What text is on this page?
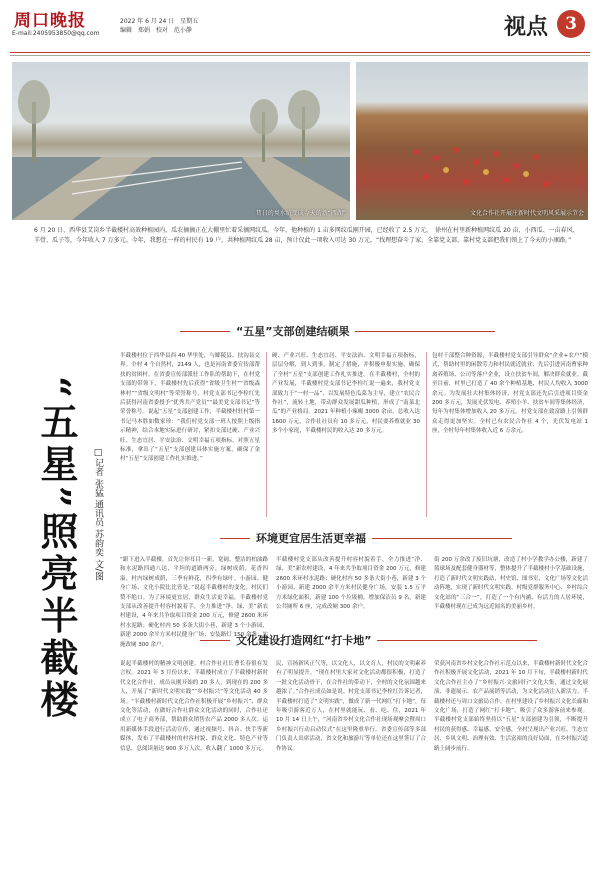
周口晚报
E-mail:2405953850@qq.com
2022 年 6 月 24 日 星期五
编辑 郑娟 校对 范小静	视点	3
昔日的臭水坑变成今天的新“西湖”	文化合作社开展庄新时代文明风采展示节会
6 月 20 日，西华县艾岗乡半截楼村高效种植园内，瓜农摘摘正在大棚里忙着采摘网纹瓜。今年，他种植的 1 亩多网纹瓜刚开园，已经收了 2.5 万元。　徐州在村里新种植网纹瓜 20 亩，小西瓜、一亩春风、羊骨、瓜子等，今年收入 7 万多元。今年，我想在一样的村民有 19 户，共种植网纹瓜 28 亩，预计仅此一项收入可达 30 万元。“找理想奋斗了家，全靠党支部，靠村党支部把我们领上了今天的小康路。”
“五星”照亮半截楼	□记者 张猛 通讯员 苏韵奕 文/图
“五星”支部创建结硕果
半截楼村位于西华县西 40 华里处，与郾陵县、扶沟县交界。全村 4 个自然村，2149 人，也是河南省委宣传部帮扶的贫困村。在省委宣传部派驻工作队的帮助下，在村党支部的带领下，半截楼村先后获得“省级卫生村”“省级森林村”“省级文明村”等荣誉称号，村党支部书记李栓红先后获得河南省委授予“优秀共产党员”“最美党支部书记”等荣誉称号。说起“五星”支部创建工作，半截楼村驻村第一书记马本胜如数家珍：“我们村党支部一班人按照上级指示精神，结合本地实际进行研讨，紧扣支部过硬、产业兴旺、生态宜居、平安法治、文明幸福五项指标，对照五星标准，拿出了“五星”支部创建具体实施方案，确保了金村“五星”支部创建工作扎实推进。”
硬、产业兴旺、生态宜居、平安法治、文明幸福五项指标，层层分解，到人到事，制定了措施，并积极申报实施，确保了全村“五星”支部创建工作扎实推进。在半截楼村，全村的产业发展，半截楼村党支部书记李栓红说一遍来，我村党支部致力于“一村一品”，以发展特色瓜菜为主导，建立“农民合作社”，流转土地，带动群众发展甜瓜种植，形成了“南菜北瓜”的产业格局。2021 年种植小辣椒 3000 余亩，总收入达 1600 万元，合作社社员有 10 多万元，村民要养殖就业 30 多个小家庭，半截楼村民的收入达 20 多万元。
包村干部整合种资源，半截楼村党支部引导群众“企业+农户”模式，帮助村里的闲散劳力和村民就近就业；先后引进河南曹家种禽养殖场、公司等落户企业，设立扶贫车间，解决群众就业。截至目前，村里已打造了 40 余个种植基地，村民人均收入 3000 余元。为发展壮大村集体经济，村党支部还先后引进项目资金 200 多万元，发展光伏发电、养殖小羊、扶贫车间等集体经济，每年为村集体增加收入 20 多万元。村党支部在致富路上引领群众走得更加坚实。全村已有农民合作社 4 个，光伏发电站 1 座，全村每年村集体收入近 6 万余元。
环境更宜居生活更幸福
“跟下进入半截楼，首先让你耳目一新，宽阔、整洁的柏油路和水泥路四通八达，平坦的道路两旁，绿树成荫，花香四溢。村内绿树成荫，三季有鲜花，四季有绿叶。小游园、健身广场、文化小院比比皆是。”说起半截楼村的变化，村民们赞不绝口。为了环境更宜居，群众生活更幸福，半截楼村党支部从改善提升村容村貌着手，全力推进“净、绿、美”新农村建设，4 年来共争取项目资金 200 万元，修建 2600 米环村水泥路；硬化村内 50 多条大街小巷，新建 3 个小游园，新建 2000 余平方米村民健身广场；安装路灯 150 余盏；实施改厕 300 余户。
半截楼村党支部从改善提升村容村貌着手，全力推进“净、绿、美”新农村建设，4 年来共争取项目资金 200 万元，修建 2600 米环村水泥路；硬化村内 50 多条大街小巷，新建 3 个小游园，新建 2000 余平方米村民健身广场，安装 1.5 万平方米绿化面积，新建 100 个垃圾桶，增加保洁员 9 名，新建公共厕所 6 座，完成改厕 300 余户。
街 200 万余改了废旧坑塘，改造了村小学教学办公楼，新建了篮球场及配套健身器材等，整体提升了半截楼村小学基础设施，打造了新时代文明实践站，村史馆、图书室、文化广场等文化活动阵地，实现了新时代文明实践、村级党群服务中心、乡村综合文化站的“三合一”，打造了一个有内涵、有活力的人居环境，半截楼村现在已成为远近闻名的美丽乡村。
文化建设打造网红“打卡地”
说起半截楼村的精神文明创建，村合作社社长曹长春很有发言权。2021 年 3 月份以来，半截楼村成立了半截楼村新时代文化合作社，成员从刚开始的 20 多人，到现在的 200 多人，开展了“新时代文明实践”“乡村振兴”等文化活动 40 多场。“半截楼村新时代文化合作社积极开展“乡村振兴”、群众文化等活动，在做好合作社群众文化活动的同时，合作社还成立了电子商务部，帮助群众销售农产品 2000 多人次。运用新媒体手段进行活动宣传，通过视频号、抖音、快手等新媒体，发布了半截楼村的村容村貌、群众文化、特色产业等信息，总阅读量达 900 多万人次，收入翻了 1000 多万元。
民，宣扬新风正气等，以文化人，以文育人，村民的文明素养有了明显提升。“现在村里大家对文化活动都很积极，打造了一批文化活动骨干，在合作社的带动下，全村的文化氛围越来越浓了。”合作社成员如是说。村党支部书记李栓红告诉记者，半截楼村打造了“文明实践”，做成了新一代网红“打卡地”，每年吸引游客近万人，在村里就能玩、看、吃、住，2021 年 10 月 14 日上午，“河南省乡村文化合作社现场观摩会暨周口乡村振兴行动启动仪式”在这里隆重举行。省委宣传部等多部门负责人出席活动，省文化和旅游厅等单位还在这里签订了合作协议。
荣获河南省乡村文化合作社示范点以来，半截楼村新时代文化合作社积极开展文化活动，2021 年 10 月下旬，半截楼村新时代文化合作社主办了“乡村振兴·文旅同行”文化大集，通过文化展演、非遗展示、农产品展销等活动，为文化活动注入新活力。半截楼村还与周口文旅局合作，在村里建设了乡村振兴文化长廊和文化广场，打造了网红“打卡地”，吸引了众多游客前来参观。半截楼村党支部始终坚持以“五星”支部创建为引领，不断提升村民的获得感、幸福感、安全感，全村呈现出产业兴旺、生态宜居、乡风文明、治理有效、生活富裕的良好局面，在乡村振兴道路上阔步前行。
